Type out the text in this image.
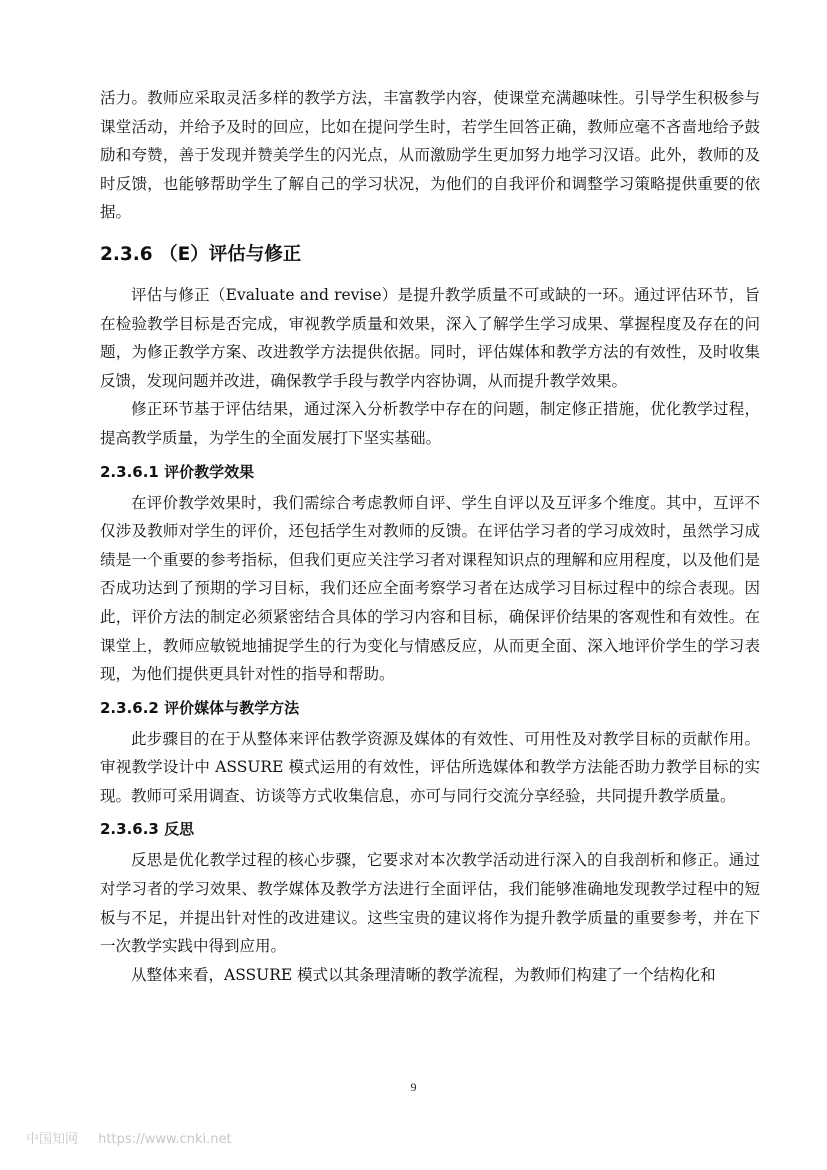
活力。教师应采取灵活多样的教学方法，丰富教学内容，使课堂充满趣味性。引导学生积极参与课堂活动，并给予及时的回应，比如在提问学生时，若学生回答正确，教师应毫不吝啬地给予鼓励和夸赞，善于发现并赞美学生的闪光点，从而激励学生更加努力地学习汉语。此外，教师的及时反馈，也能够帮助学生了解自己的学习状况，为他们的自我评价和调整学习策略提供重要的依据。

2.3.6 （E）评估与修正

评估与修正（Evaluate and revise）是提升教学质量不可或缺的一环。通过评估环节，旨在检验教学目标是否完成，审视教学质量和效果，深入了解学生学习成果、掌握程度及存在的问题，为修正教学方案、改进教学方法提供依据。同时，评估媒体和教学方法的有效性，及时收集反馈，发现问题并改进，确保教学手段与教学内容协调，从而提升教学效果。

修正环节基于评估结果，通过深入分析教学中存在的问题，制定修正措施，优化教学过程，提高教学质量，为学生的全面发展打下坚实基础。

2.3.6.1 评价教学效果

在评价教学效果时，我们需综合考虑教师自评、学生自评以及互评多个维度。其中，互评不仅涉及教师对学生的评价，还包括学生对教师的反馈。在评估学习者的学习成效时，虽然学习成绩是一个重要的参考指标，但我们更应关注学习者对课程知识点的理解和应用程度，以及他们是否成功达到了预期的学习目标，我们还应全面考察学习者在达成学习目标过程中的综合表现。因此，评价方法的制定必须紧密结合具体的学习内容和目标，确保评价结果的客观性和有效性。在课堂上，教师应敏锐地捕捉学生的行为变化与情感反应，从而更全面、深入地评价学生的学习表现，为他们提供更具针对性的指导和帮助。

2.3.6.2 评价媒体与教学方法

此步骤目的在于从整体来评估教学资源及媒体的有效性、可用性及对教学目标的贡献作用。审视教学设计中 ASSURE 模式运用的有效性，评估所选媒体和教学方法能否助力教学目标的实现。教师可采用调查、访谈等方式收集信息，亦可与同行交流分享经验，共同提升教学质量。

2.3.6.3 反思

反思是优化教学过程的核心步骤，它要求对本次教学活动进行深入的自我剖析和修正。通过对学习者的学习效果、教学媒体及教学方法进行全面评估，我们能够准确地发现教学过程中的短板与不足，并提出针对性的改进建议。这些宝贵的建议将作为提升教学质量的重要参考，并在下一次教学实践中得到应用。

从整体来看，ASSURE 模式以其条理清晰的教学流程，为教师们构建了一个结构化和

9
中国知网 https://www.cnki.net
